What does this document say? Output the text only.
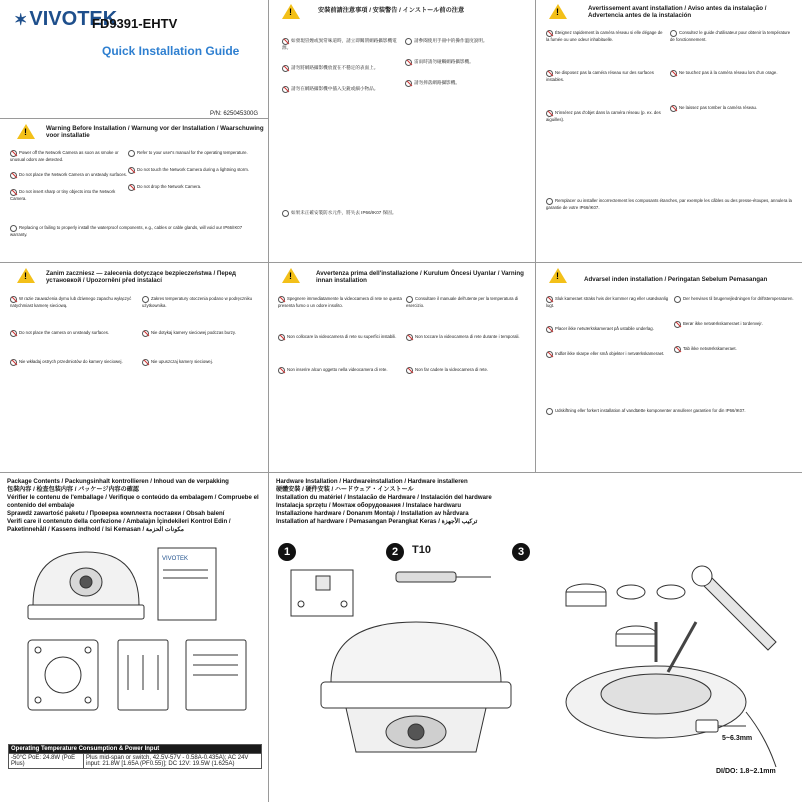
✶ VIVOTEK
FD9391-EHTV
Quick Installation Guide
P/N: 625045300G
!
Warning Before Installation / Warnung vor der Installation / Waarschuwing voor installatie
Power off the Network Camera as soon as smoke or unusual odors are detected.
Do not place the Network Camera on unsteady surfaces.
Do not insert sharp or tiny objects into the Network Camera.
Refer to your user's manual for the operating temperature.
Do not touch the Network Camera during a lightning storm.
Do not drop the Network Camera.
Replacing or failing to properly install the waterproof components, e.g., cables or cable glands, will void our IP66/IK07 warranty.
!
安裝前請注意事項 / 安装警告 / インストール前の注意
如發現冒煙或異常味道時，請立即關閉網路攝影機電源。
請勿將網路攝影機放置在不穩定的表面上。
請勿在網路攝影機中插入尖銳或細小物品。
請參閱使用手冊中的操作溫度說明。
雷雨時請勿碰觸網路攝影機。
請勿摔落網路攝影機。
如果未正確安裝防水元件，將失去 IP66/IK07 保固。
!
Avertissement avant installation / Aviso antes da instalação / Advertencia antes de la instalación
Éteignez rapidement la caméra réseau si elle dégage de la fumée ou une odeur inhabituelle.
Ne disposez pas la caméra réseau sur des surfaces instables.
N'insérez pas d'objet dans la caméra réseau (p. ex. des aiguilles).
Consultez le guide d'utilisateur pour obtenir la température de fonctionnement.
Ne touchez pas à la caméra réseau lors d'un orage.
Ne laissez pas tomber la caméra réseau.
Remplacer ou installer incorrectement les composants étanches, par exemple les câbles ou des presse-étoupes, annulera la garantie de votre IP66/IK07.
!
Zanim zaczniesz — zalecenia dotyczące bezpieczeństwa / Перед установкой / Upozornění před instalací
W razie zauważenia dymu lub dziwnego zapachu wyłączyć natychmiast kamerę sieciową.
Do not place the camera on unsteady surfaces.
Nie wkładaj ostrych przedmiotów do kamery sieciowej.
Zakres temperatury otoczenia podano w podręczniku użytkownika.
Nie dotykaj kamery sieciowej podczas burzy.
Nie upuszczaj kamery sieciowej.
!
Avvertenza prima dell'installazione / Kurulum Öncesi Uyarılar / Varning innan installation
Spegnere immediatamente la videocamera di rete se questa presenta fumo o un odore insolito.
Non collocare la videocamera di rete su superfici instabili.
Non inserire alcun oggetto nella videocamera di rete.
Consultare il manuale dell'utente per la temperatura di esercizio.
Non toccare la videocamera di rete durante i temporali.
Non far cadere la videocamera di rete.
!
Advarsel inden installation / Peringatan Sebelum Pemasangan
Sluk kameraet straks hvis der kommer røg eller usædvanlig lugt.
Placer ikke netværkskameraet på ustabile underlag.
Indfør ikke skarpe eller små objekter i netværkskameraet.
Der henvises til brugervejledningen for driftstemperaturen.
Berør ikke netværkskameraet i tordenvejr.
Tab ikke netværkskameraet.
Udskiftning eller forkert installation af vandtætte komponenter annullerer garantien for din IP66/IK07.
Package Contents / Packungsinhalt kontrollieren / Inhoud van de verpakking
包裝內容 / 检查包装内容 / パッケージ内容の確認
Vérifier le contenu de l'emballage / Verifique o conteúdo da embalagem / Compruebe el contenido del embalaje
Sprawdź zawartość paketu / Проверка комплекта поставки / Obsah balení
Verifi care il contenuto della confezione / Ambalajın İçindekileri Kontrol Edin / Paketinnehåll / Kassens indhold / Isi Kemasan / مكونات الحزمة
VIVOTEK
Operating Temperature Consumption & Power Input
-50°C PoE: 24.8W (PoE Plus)	Plus mid-span or switch, 42.5V-57V - 0.58A-0.435A); AC 24V input: 21.8W [1.65A (PF0.55)]; DC 12V: 19.5W (1.625A)
Hardware Installation / Hardwareinstallation / Hardware installeren
硬體安裝 / 硬件安装 / ハードウェア・インストール
Installation du matériel / Instalacão de Hardware / Instalación del hardware
Instalacja sprzętu / Монтаж оборудования / Instalace hardwaru
Installazione hardware / Donanım Montajı / Installation av hårdvara
Installation af hardware / Pemasangan Perangkat Keras / تركيب الأجهزة
1	2	T10	3
5~6.3mm
DI/DO: 1.8~2.1mm
